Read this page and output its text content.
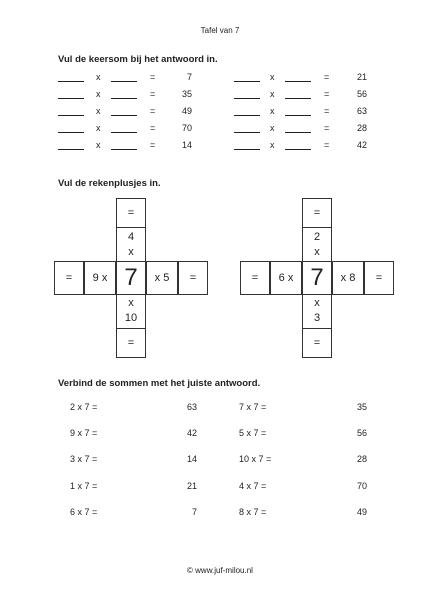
Tafel van 7
Vul de keersom bij het antwoord in.
x	=	7
x	=	35
x	=	49
x	=	70
x	=	14
x	=	21
x	=	56
x	=	63
x	=	28
x	=	42
Vul de rekenplusjes in.
=
=
4
x
x
10
=	9 x 7	x 5	=
=
=
2
x
x
3
=	6 x 7	x 8	=
Verbind de sommen met het juiste antwoord.
2 x 7 =	63	7 x 7 =	35
9 x 7 =	42	5 x 7 =	56
3 x 7 =	14	10 x 7 =	28
1 x 7 =	21	4 x 7 =	70
6 x 7 =	7	8 x 7 =	49
© www.juf-milou.nl
